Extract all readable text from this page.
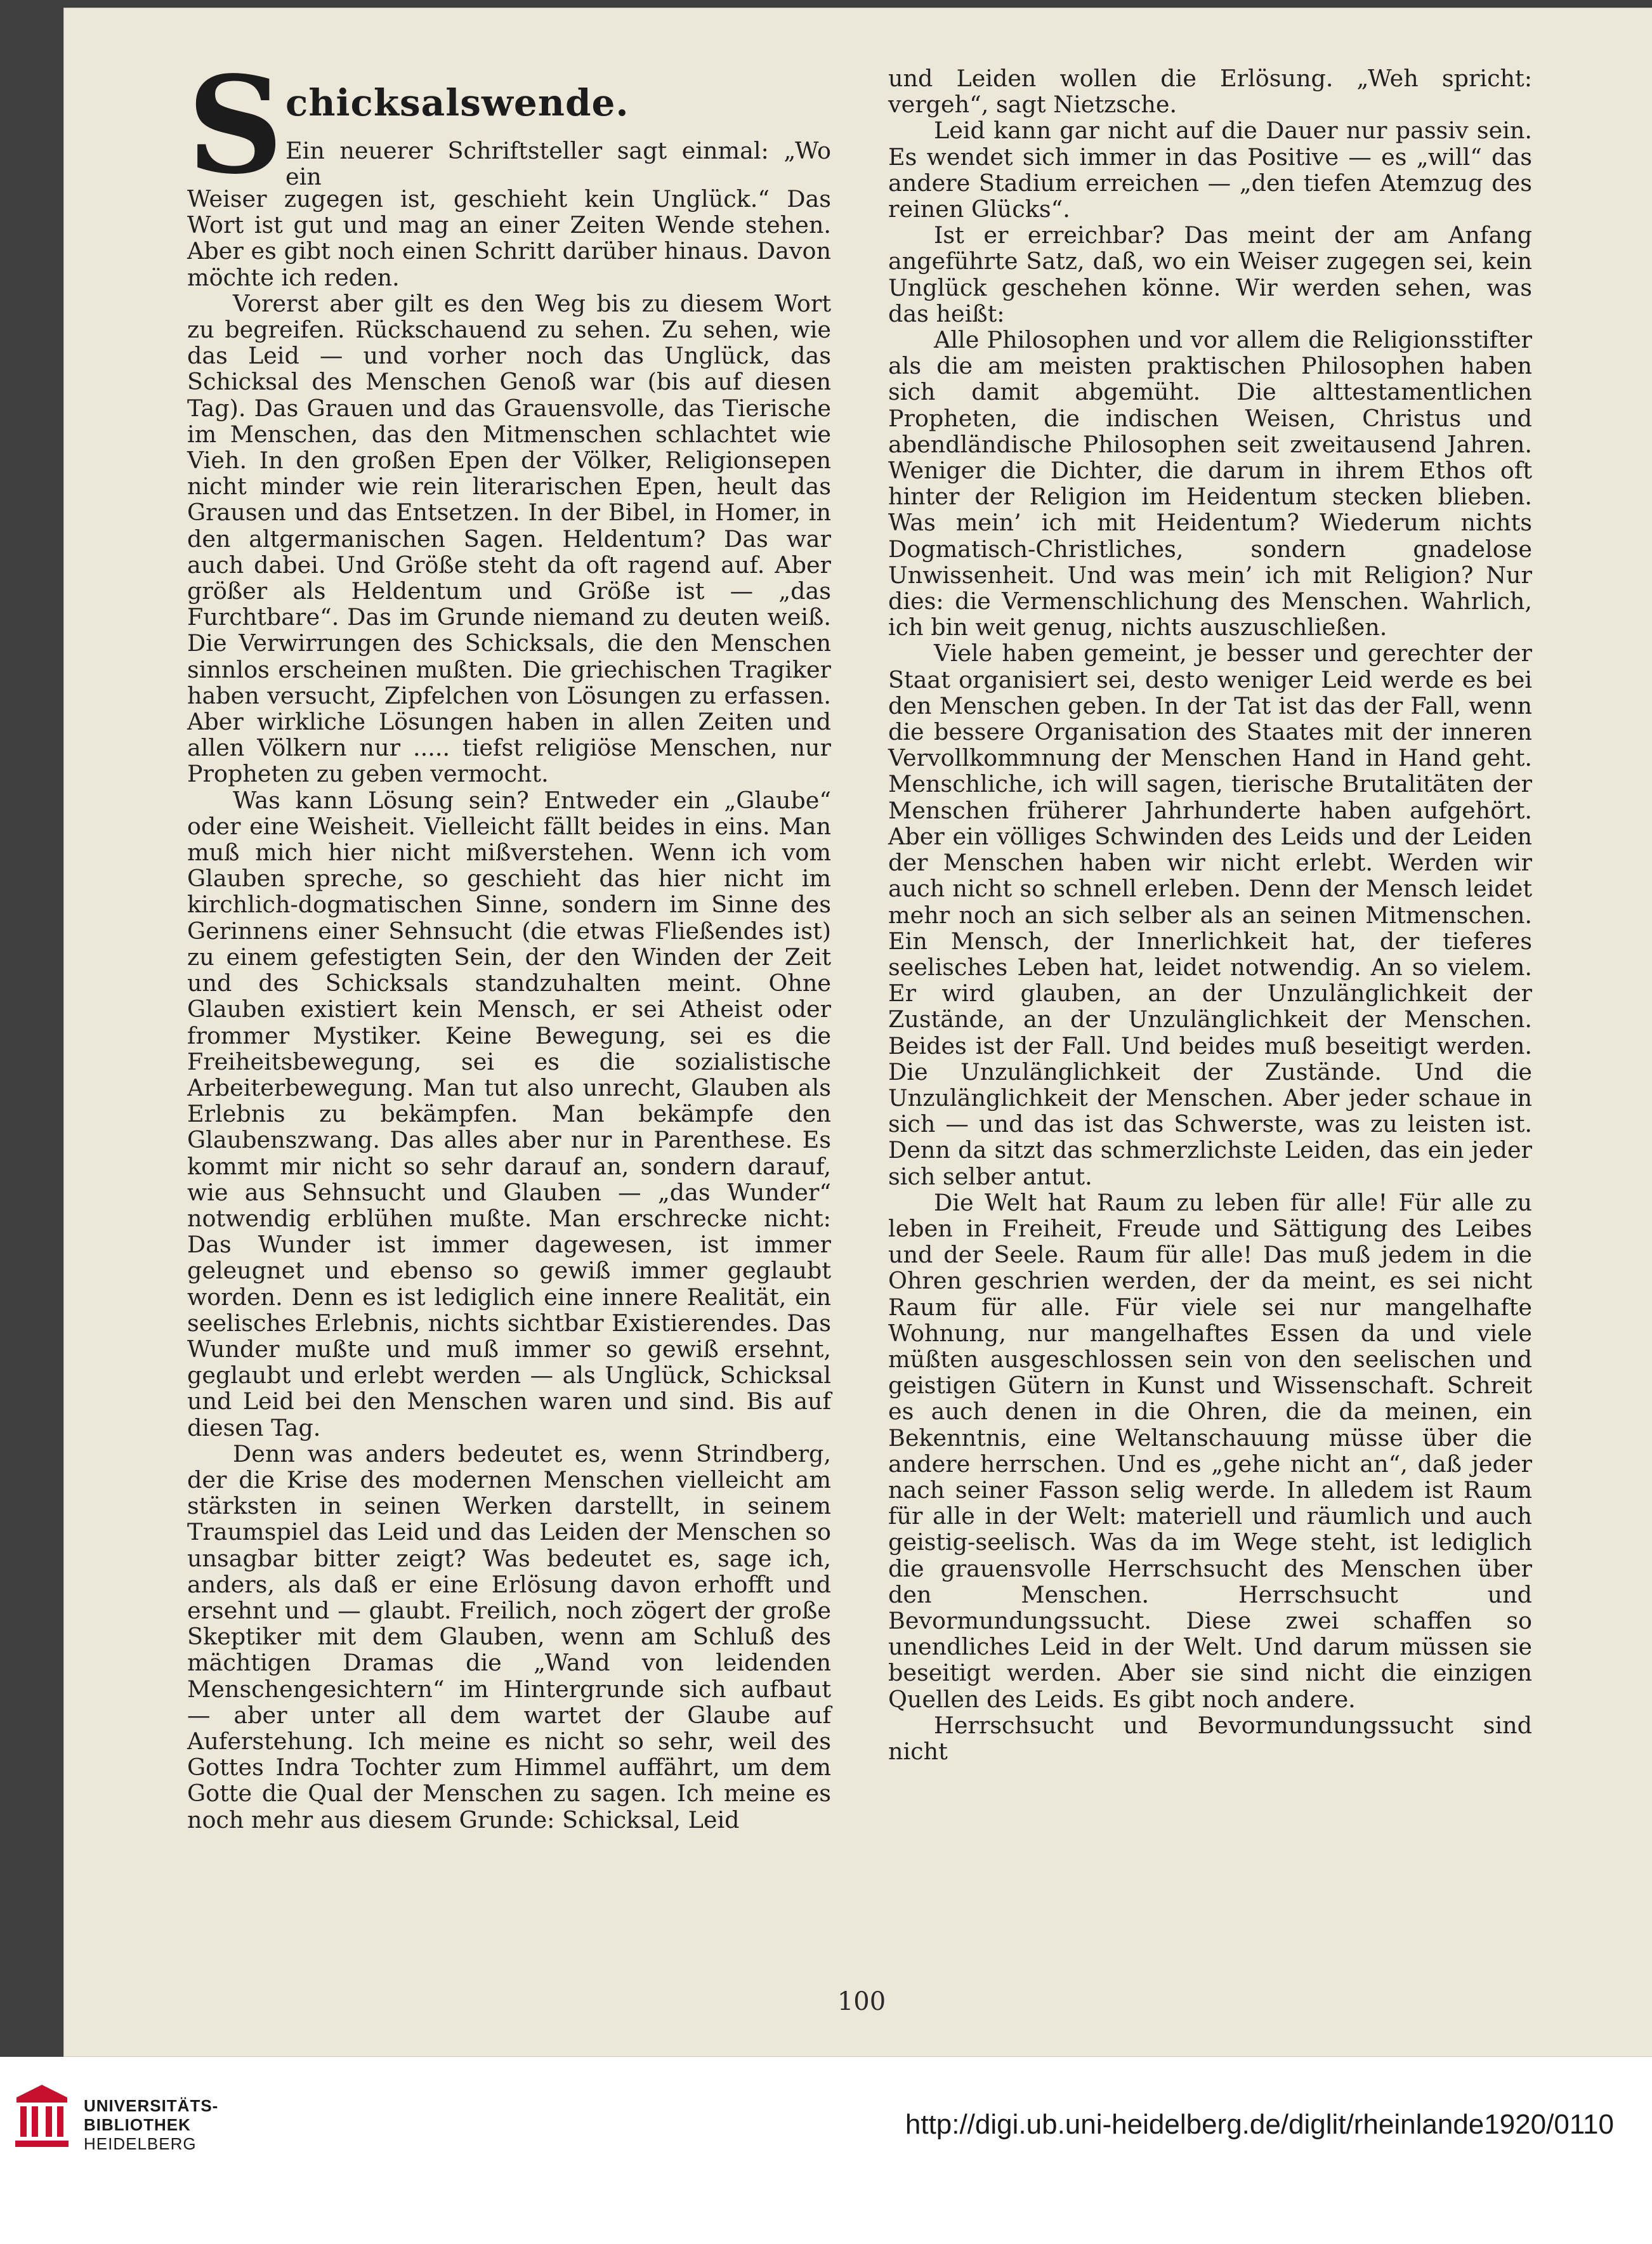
S chicksalswende.

Ein neuerer Schriftsteller sagt einmal: „Wo ein

Weiser zugegen ist, geschieht kein Unglück.“ Das Wort ist gut und mag an einer Zeiten Wende stehen. Aber es gibt noch einen Schritt darüber hinaus. Davon möchte ich reden.

Vorerst aber gilt es den Weg bis zu diesem Wort zu begreifen. Rückschauend zu sehen. Zu sehen, wie das Leid — und vorher noch das Unglück, das Schicksal des Menschen Genoß war (bis auf diesen Tag). Das Grauen und das Grauensvolle, das Tierische im Menschen, das den Mitmenschen schlachtet wie Vieh. In den großen Epen der Völker, Religionsepen nicht minder wie rein literarischen Epen, heult das Grausen und das Entsetzen. In der Bibel, in Homer, in den altgermanischen Sagen. Heldentum? Das war auch dabei. Und Größe steht da oft ragend auf. Aber größer als Heldentum und Größe ist — „das Furchtbare“. Das im Grunde niemand zu deuten weiß. Die Verwirrungen des Schicksals, die den Menschen sinnlos erscheinen mußten. Die griechischen Tragiker haben versucht, Zipfelchen von Lösungen zu erfassen. Aber wirkliche Lösungen haben in allen Zeiten und allen Völkern nur ..... tiefst religiöse Menschen, nur Propheten zu geben vermocht.

Was kann Lösung sein? Entweder ein „Glaube“ oder eine Weisheit. Vielleicht fällt beides in eins. Man muß mich hier nicht mißverstehen. Wenn ich vom Glauben spreche, so geschieht das hier nicht im kirchlich-dogmatischen Sinne, sondern im Sinne des Gerinnens einer Sehnsucht (die etwas Fließendes ist) zu einem gefestigten Sein, der den Winden der Zeit und des Schicksals standzuhalten meint. Ohne Glauben existiert kein Mensch, er sei Atheist oder frommer Mystiker. Keine Bewegung, sei es die Freiheitsbewegung, sei es die sozialistische Arbeiterbewegung. Man tut also unrecht, Glauben als Erlebnis zu bekämpfen. Man bekämpfe den Glaubenszwang. Das alles aber nur in Parenthese. Es kommt mir nicht so sehr darauf an, sondern darauf, wie aus Sehnsucht und Glauben — „das Wunder“ notwendig erblühen mußte. Man erschrecke nicht: Das Wunder ist immer dagewesen, ist immer geleugnet und ebenso so gewiß immer geglaubt worden. Denn es ist lediglich eine innere Realität, ein seelisches Erlebnis, nichts sichtbar Existierendes. Das Wunder mußte und muß immer so gewiß ersehnt, geglaubt und erlebt werden — als Unglück, Schicksal und Leid bei den Menschen waren und sind. Bis auf diesen Tag.

Denn was anders bedeutet es, wenn Strindberg, der die Krise des modernen Menschen vielleicht am stärksten in seinen Werken darstellt, in seinem Traumspiel das Leid und das Leiden der Menschen so unsagbar bitter zeigt? Was bedeutet es, sage ich, anders, als daß er eine Erlösung davon erhofft und ersehnt und — glaubt. Freilich, noch zögert der große Skeptiker mit dem Glauben, wenn am Schluß des mächtigen Dramas die „Wand von leidenden Menschengesichtern“ im Hintergrunde sich aufbaut — aber unter all dem wartet der Glaube auf Auferstehung. Ich meine es nicht so sehr, weil des Gottes Indra Tochter zum Himmel auffährt, um dem Gotte die Qual der Menschen zu sagen. Ich meine es noch mehr aus diesem Grunde: Schicksal, Leid

und Leiden wollen die Erlösung. „Weh spricht: vergeh“, sagt Nietzsche.

Leid kann gar nicht auf die Dauer nur passiv sein. Es wendet sich immer in das Positive — es „will“ das andere Stadium erreichen — „den tiefen Atemzug des reinen Glücks“.

Ist er erreichbar? Das meint der am Anfang angeführte Satz, daß, wo ein Weiser zugegen sei, kein Unglück geschehen könne. Wir werden sehen, was das heißt:

Alle Philosophen und vor allem die Religionsstifter als die am meisten praktischen Philosophen haben sich damit abgemüht. Die alttestamentlichen Propheten, die indischen Weisen, Christus und abendländische Philosophen seit zweitausend Jahren. Weniger die Dichter, die darum in ihrem Ethos oft hinter der Religion im Heidentum stecken blieben. Was mein’ ich mit Heidentum? Wiederum nichts Dogmatisch-Christliches, sondern gnadelose Unwissenheit. Und was mein’ ich mit Religion? Nur dies: die Vermenschlichung des Menschen. Wahrlich, ich bin weit genug, nichts auszuschließen.

Viele haben gemeint, je besser und gerechter der Staat organisiert sei, desto weniger Leid werde es bei den Menschen geben. In der Tat ist das der Fall, wenn die bessere Organisation des Staates mit der inneren Vervollkommnung der Menschen Hand in Hand geht. Menschliche, ich will sagen, tierische Brutalitäten der Menschen früherer Jahrhunderte haben aufgehört. Aber ein völliges Schwinden des Leids und der Leiden der Menschen haben wir nicht erlebt. Werden wir auch nicht so schnell erleben. Denn der Mensch leidet mehr noch an sich selber als an seinen Mitmenschen. Ein Mensch, der Innerlichkeit hat, der tieferes seelisches Leben hat, leidet notwendig. An so vielem. Er wird glauben, an der Unzulänglichkeit der Zustände, an der Unzulänglichkeit der Menschen. Beides ist der Fall. Und beides muß beseitigt werden. Die Unzulänglichkeit der Zustände. Und die Unzulänglichkeit der Menschen. Aber jeder schaue in sich — und das ist das Schwerste, was zu leisten ist. Denn da sitzt das schmerzlichste Leiden, das ein jeder sich selber antut.

Die Welt hat Raum zu leben für alle! Für alle zu leben in Freiheit, Freude und Sättigung des Leibes und der Seele. Raum für alle! Das muß jedem in die Ohren geschrien werden, der da meint, es sei nicht Raum für alle. Für viele sei nur mangelhafte Wohnung, nur mangelhaftes Essen da und viele müßten ausgeschlossen sein von den seelischen und geistigen Gütern in Kunst und Wissenschaft. Schreit es auch denen in die Ohren, die da meinen, ein Bekenntnis, eine Weltanschauung müsse über die andere herrschen. Und es „gehe nicht an“, daß jeder nach seiner Fasson selig werde. In alledem ist Raum für alle in der Welt: materiell und räumlich und auch geistig-seelisch. Was da im Wege steht, ist lediglich die grauensvolle Herrschsucht des Menschen über den Menschen. Herrschsucht und Bevormundungssucht. Diese zwei schaffen so unendliches Leid in der Welt. Und darum müssen sie beseitigt werden. Aber sie sind nicht die einzigen Quellen des Leids. Es gibt noch andere.

Herrschsucht und Bevormundungssucht sind nicht

100
UNIVERSITÄTS-
BIBLIOTHEK
HEIDELBERG
http://digi.ub.uni-heidelberg.de/diglit/rheinlande1920/0110
